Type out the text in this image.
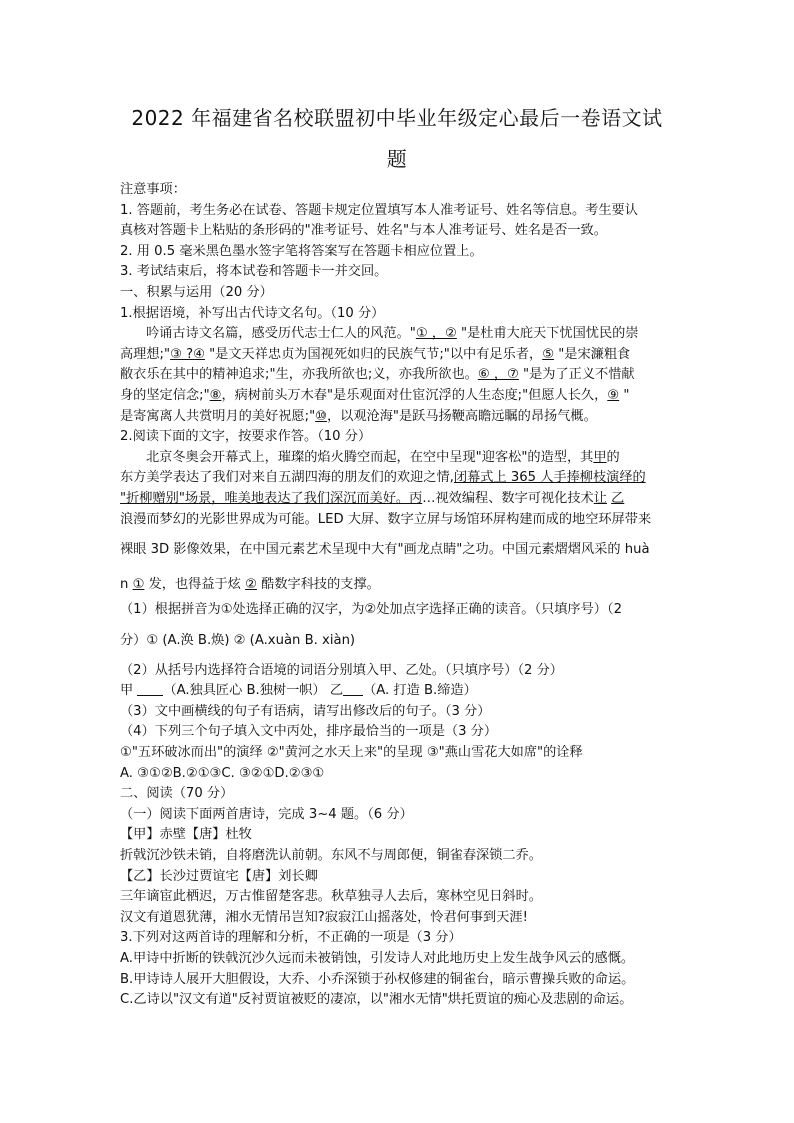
2022 年福建省名校联盟初中毕业年级定心最后一卷语文试
题
注意事项：
1. 答题前，考生务必在试卷、答题卡规定位置填写本人准考证号、姓名等信息。考生要认
真核对答题卡上粘贴的条形码的"准考证号、姓名"与本人准考证号、姓名是否一致。
2. 用 0.5 毫米黑色墨水签字笔将答案写在答题卡相应位置上。
3. 考试结束后，将本试卷和答题卡一并交回。
一、积累与运用（20 分）
1.根据语境，补写出古代诗文名句。（10 分）
吟诵古诗文名篇，感受历代志士仁人的风范。"① ，② "是杜甫大庇天下忧国忧民的崇
高理想;"③ ?④ "是文天祥忠贞为国视死如归的民族气节;"以中有足乐者，⑤ "是宋濂粗食
敝衣乐在其中的精神追求;"生，亦我所欲也;义，亦我所欲也。⑥ ，⑦ "是为了正义不惜献
身的坚定信念;"⑧，病树前头万木春"是乐观面对仕宦沉浮的人生态度;"但愿人长久，⑨ "
是寄寓离人共赏明月的美好祝愿;"⑩，以观沧海"是跃马扬鞭高瞻远瞩的昂扬气概。
2.阅读下面的文字，按要求作答。（10 分）
北京冬奥会开幕式上，璀璨的焰火腾空而起，在空中呈现"迎客松"的造型，其甲的
东方美学表达了我们对来自五湖四海的朋友们的欢迎之情,闭幕式上 365 人手捧柳枝演绎的
"折柳赠别"场景，唯美地表达了我们深沉而美好。丙…视效编程、数字可视化技术让 乙
浪漫而梦幻的光影世界成为可能。LED 大屏、数字立屏与场馆环屏构建而成的地空环屏带来
裸眼 3D 影像效果，在中国元素艺术呈现中大有"画龙点睛"之功。中国元素熠熠风采的 huà
n ① 发，也得益于炫 ② 酷数字科技的支撑。
（1）根据拼音为①处选择正确的汉字，为②处加点字选择正确的读音。（只填序号）（2
分）① (A.涣 B.焕) ② (A.xuàn B. xiàn)
（2）从括号内选择符合语境的词语分别填入甲、乙处。（只填序号）（2 分）
甲 （A.独具匠心 B.独树一帜） 乙 （A. 打造 B.缔造）
（3）文中画横线的句子有语病，请写出修改后的句子。（3 分）
（4）下列三个句子填入文中丙处，排序最恰当的一项是（3 分）
①"五环破冰而出"的演绎 ②"黄河之水天上来"的呈现 ③"燕山雪花大如席"的诠释
A. ③①②B.②①③C. ③②①D.②③①
二、阅读（70 分）
（一）阅读下面两首唐诗，完成 3~4 题。（6 分）
【甲】赤壁【唐】杜牧
折戟沉沙铁未销，自将磨洗认前朝。东风不与周郎便，铜雀春深锁二乔。
【乙】长沙过贾谊宅【唐】刘长卿
三年谪宦此栖迟，万古惟留楚客悲。秋草独寻人去后，寒林空见日斜时。
汉文有道恩犹薄，湘水无情吊岂知?寂寂江山摇落处，怜君何事到天涯!
3.下列对这两首诗的理解和分析，不正确的一项是（3 分）
A.甲诗中折断的铁戟沉沙久远而未被销蚀，引发诗人对此地历史上发生战争风云的感慨。
B.甲诗诗人展开大胆假设，大乔、小乔深锁于孙权修建的铜雀台，暗示曹操兵败的命运。
C.乙诗以"汉文有道"反衬贾谊被贬的凄凉，以"湘水无情"烘托贾谊的痴心及悲剧的命运。
